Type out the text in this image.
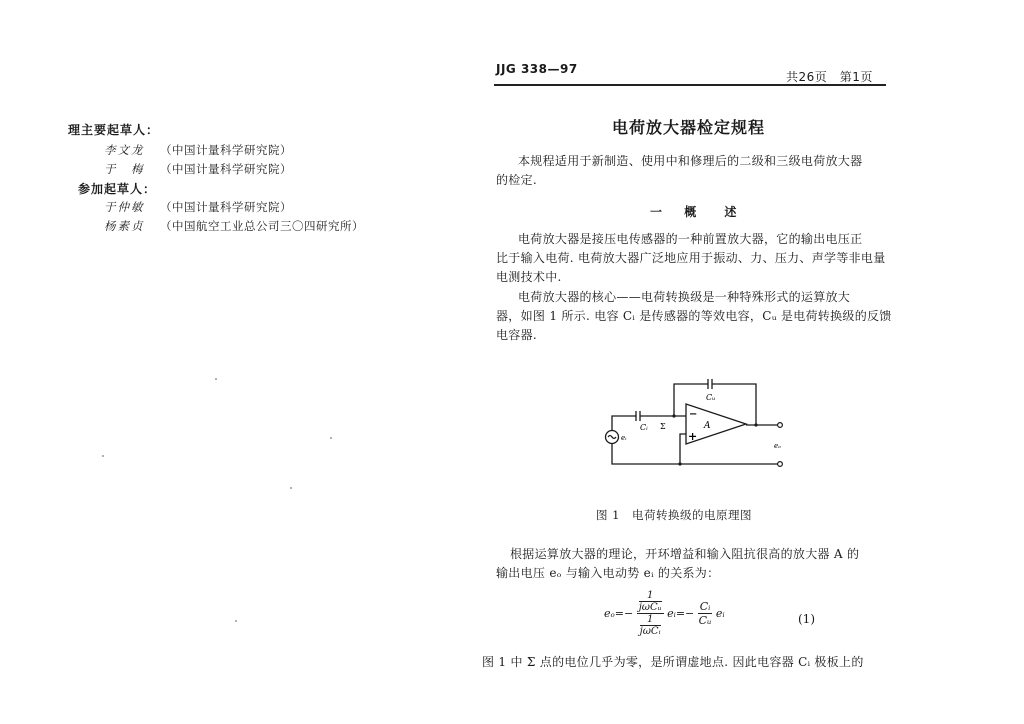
理主要起草人：
李文龙 （中国计量科学研究院）
于　梅 （中国计量科学研究院）
参加起草人：
于仲敏 （中国计量科学研究院）
杨素贞 （中国航空工业总公司三〇四研究所）
JJG 338—97
共26页　第1页
电荷放大器检定规程
本规程适用于新制造、使用中和修理后的二级和三级电荷放大器
的检定.
一 概 述
电荷放大器是接压电传感器的一种前置放大器，它的输出电压正
比于输入电荷. 电荷放大器广泛地应用于振动、力、压力、声学等非电量
电测技术中.
电荷放大器的核心——电荷转换级是一种特殊形式的运算放大
器，如图 1 所示. 电容 Cᵢ 是传感器的等效电容，Cᵤ 是电荷转换级的反馈
电容器.
Cᵤ
Cᵢ Σ	A
−
+
eᵢ
eₒ
图 1　电荷转换级的电原理图
根据运算放大器的理论，开环增益和输入阻抗很高的放大器 A 的
输出电压 eₒ 与输入电动势 eᵢ 的关系为：
$e_o=- \frac{\frac{1}{\text{jωCᵤ}}}{\frac{1}{\text{jωCᵢ}}}$ eᵢ=− $\frac{\text{Cᵢ}}{\text{Cᵤ}}$ eᵢ	(1)
图 1 中 Σ 点的电位几乎为零，是所谓虚地点. 因此电容器 Cᵢ 极板上的
